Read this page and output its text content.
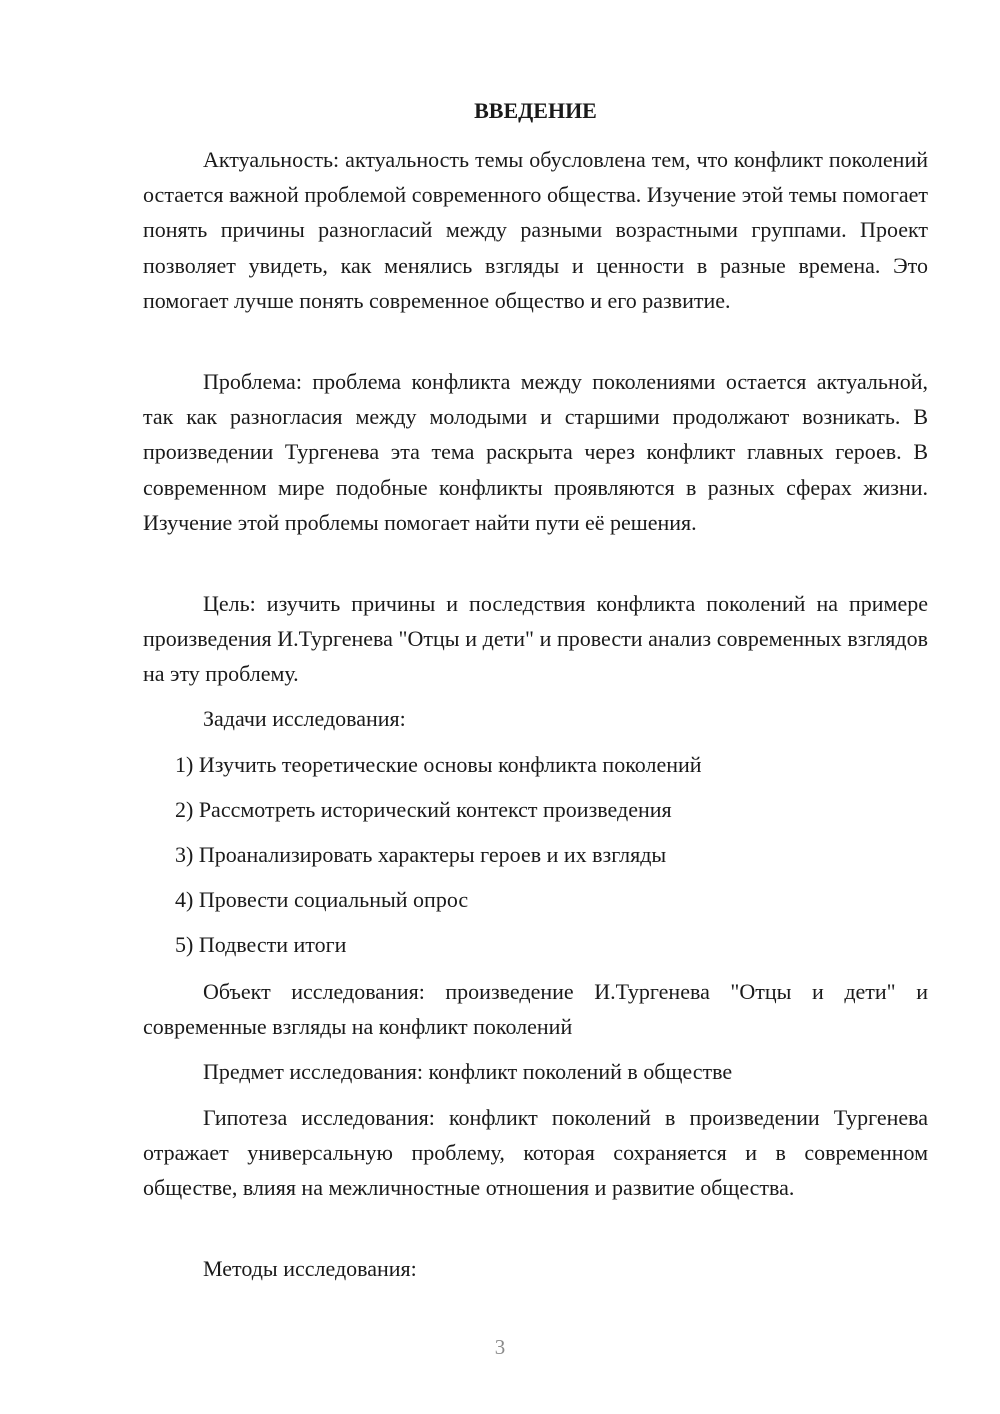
ВВЕДЕНИЕ

Актуальность: актуальность темы обусловлена тем, что конфликт поколений остается важной проблемой современного общества. Изучение этой темы помогает понять причины разногласий между разными возрастными группами. Проект позволяет увидеть, как менялись взгляды и ценности в разные времена. Это помогает лучше понять современное общество и его развитие.

Проблема: проблема конфликта между поколениями остается актуальной, так как разногласия между молодыми и старшими продолжают возникать. В произведении Тургенева эта тема раскрыта через конфликт главных героев. В современном мире подобные конфликты проявляются в разных сферах жизни. Изучение этой проблемы помогает найти пути её решения.

Цель: изучить причины и последствия конфликта поколений на примере произведения И.Тургенева "Отцы и дети" и провести анализ современных взглядов на эту проблему.

Задачи исследования:

1) Изучить теоретические основы конфликта поколений

2) Рассмотреть исторический контекст произведения

3) Проанализировать характеры героев и их взгляды

4) Провести социальный опрос

5) Подвести итоги

Объект исследования: произведение И.Тургенева "Отцы и дети" и современные взгляды на конфликт поколений

Предмет исследования: конфликт поколений в обществе

Гипотеза исследования: конфликт поколений в произведении Тургенева отражает универсальную проблему, которая сохраняется и в современном обществе, влияя на межличностные отношения и развитие общества.

Методы исследования:

3
